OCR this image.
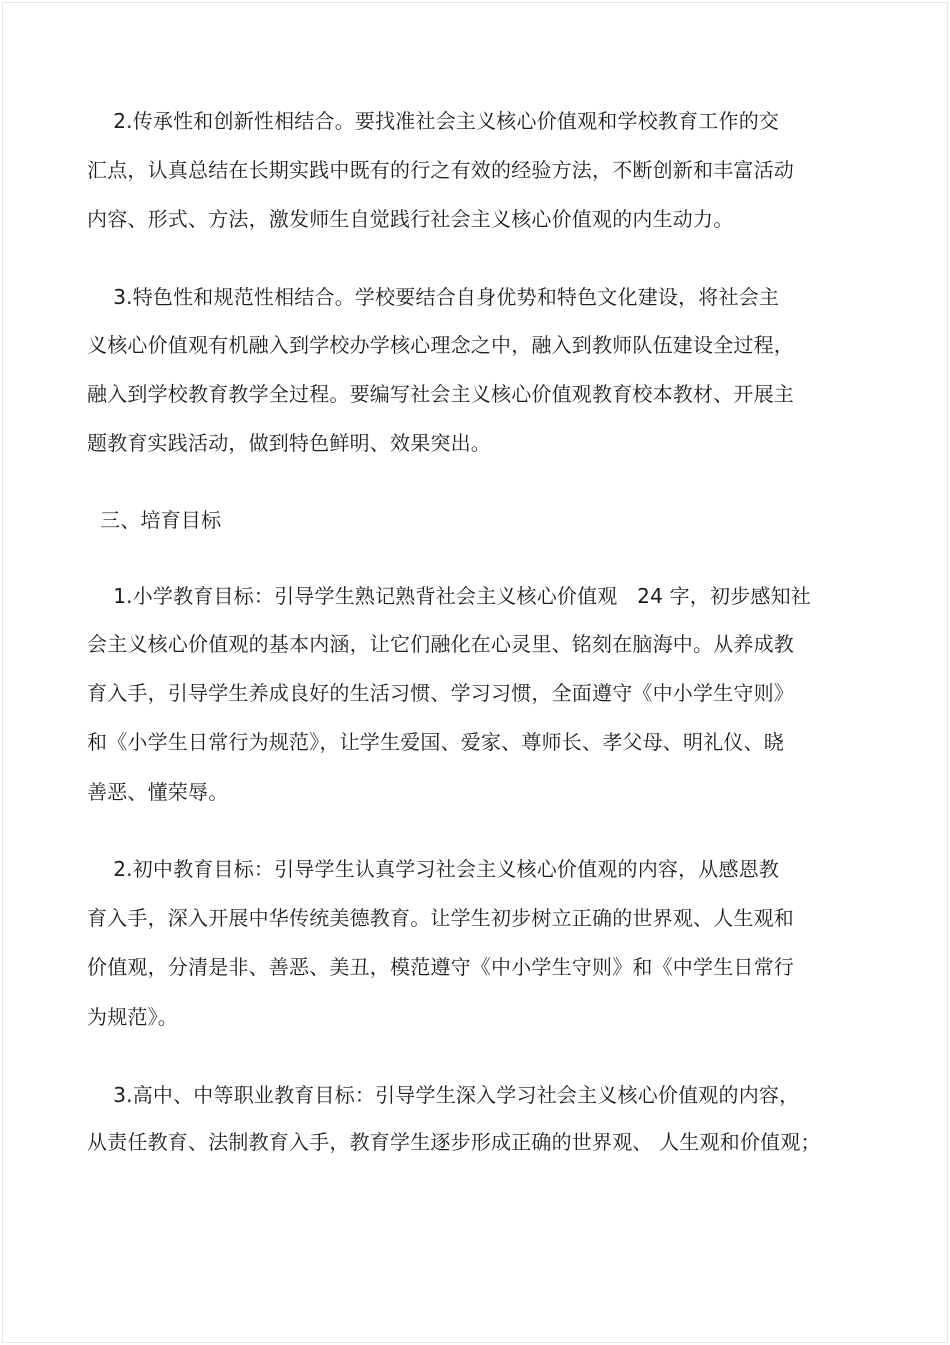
2.传承性和创新性相结合。要找准社会主义核心价值观和学校教育工作的交
汇点，认真总结在长期实践中既有的行之有效的经验方法，不断创新和丰富活动
内容、形式、方法，激发师生自觉践行社会主义核心价值观的内生动力。
3.特色性和规范性相结合。学校要结合自身优势和特色文化建设，将社会主
义核心价值观有机融入到学校办学核心理念之中，融入到教师队伍建设全过程，
融入到学校教育教学全过程。要编写社会主义核心价值观教育校本教材、开展主
题教育实践活动，做到特色鲜明、效果突出。
三、培育目标
1.小学教育目标：引导学生熟记熟背社会主义核心价值观   24 字，初步感知社
会主义核心价值观的基本内涵，让它们融化在心灵里、铭刻在脑海中。从养成教
育入手，引导学生养成良好的生活习惯、学习习惯，全面遵守《中小学生守则》
和《小学生日常行为规范》，让学生爱国、爱家、尊师长、孝父母、明礼仪、晓
善恶、懂荣辱。
2.初中教育目标：引导学生认真学习社会主义核心价值观的内容，从感恩教
育入手，深入开展中华传统美德教育。让学生初步树立正确的世界观、人生观和
价值观，分清是非、善恶、美丑，模范遵守《中小学生守则》和《中学生日常行
为规范》。
3.高中、中等职业教育目标：引导学生深入学习社会主义核心价值观的内容，
从责任教育、法制教育入手，教育学生逐步形成正确的世界观、 人生观和价值观；
